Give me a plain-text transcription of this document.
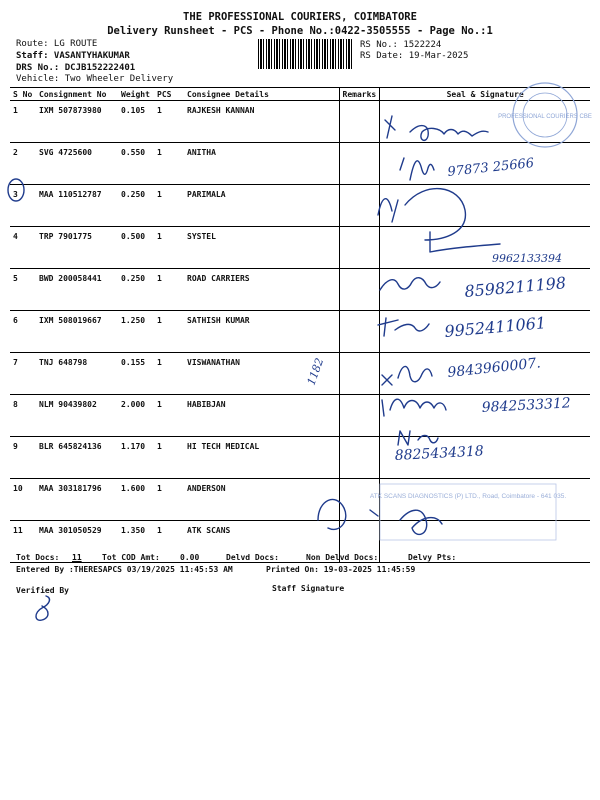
THE PROFESSIONAL COURIERS, COIMBATORE
Delivery Runsheet - PCS - Phone No.:0422-3505555 - Page No.:1
Route: LG ROUTE
Staff: VASANTYHAKUMAR
DRS No.: DCJB152222401
Vehicle: Two Wheeler Delivery
RS No.: 1522224
RS Date: 19-Mar-2025
S No	Consignment No	Weight	PCS	Consignee Details	Remarks	Seal & Signature
1	IXM 507873980	0.105	1	RAJKESH KANNAN		
2	SVG 4725600	0.550	1	ANITHA		
3	MAA 110512787	0.250	1	PARIMALA		
4	TRP 7901775	0.500	1	SYSTEL		
5	BWD 200058441	0.250	1	ROAD CARRIERS		
6	IXM 508019667	1.250	1	SATHISH KUMAR		
7	TNJ 648798	0.155	1	VISWANATHAN		
8	NLM 90439802	2.000	1	HABIBJAN		
9	BLR 645824136	1.170	1	HI TECH MEDICAL		
10	MAA 303181796	1.600	1	ANDERSON		
11	MAA 301050529	1.350	1	ATK SCANS		
PROFESSIONAL COURIERS CBE
ATK SCANS DIAGNOSTICS (P) LTD., Road, Coimbatore - 641 035.
97873 25666
9962133394
8598211198
9952411061
9843960007.
9842533312
8825434318
1182
Tot Docs: 11	Tot COD Amt:	0.00	Delvd Docs:	Non Delvd Docs:	Delvy Pts:
Entered By :THERESAPCS 03/19/2025 11:45:53 AM	Printed On: 19-03-2025 11:45:59
Verified By	Staff Signature
